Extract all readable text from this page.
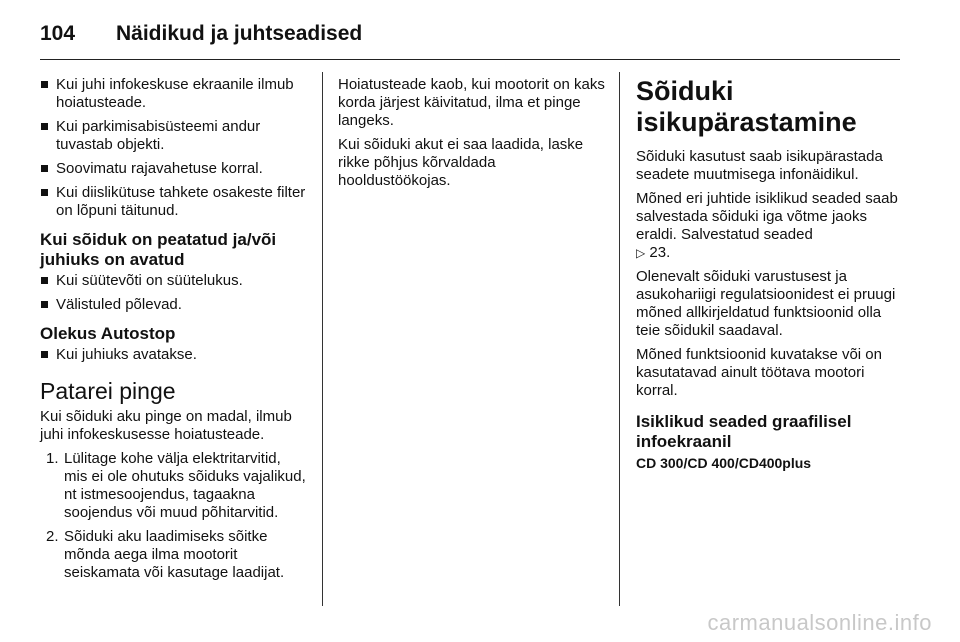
104	Näidikud ja juhtseadised
Kui juhi infokeskuse ekraanile ilmub hoiatusteade.
Kui parkimisabisüsteemi andur tuvastab objekti.
Soovimatu rajavahetuse korral.
Kui diislikütuse tahkete osakeste filter on lõpuni täitunud.
Kui sõiduk on peatatud ja/või juhiuks on avatud
Kui süütevõti on süütelukus.
Välistuled põlevad.
Olekus Autostop
Kui juhiuks avatakse.
Patarei pinge

Kui sõiduki aku pinge on madal, ilmub juhi infokeskusesse hoiatusteade.

1. Lülitage kohe välja elektritarvitid, mis ei ole ohutuks sõiduks vajalikud, nt istmesoojendus, tagaakna soojendus või muud põhitarvitid.
2. Sõiduki aku laadimiseks sõitke mõnda aega ilma mootorit seiskamata või kasutage laadijat.

Hoiatusteade kaob, kui mootorit on kaks korda järjest käivitatud, ilma et pinge langeks.

Kui sõiduki akut ei saa laadida, laske rikke põhjus kõrvaldada hooldustöökojas.

Sõiduki isikupärastamine

Sõiduki kasutust saab isikupärastada seadete muutmisega infonäidikul.

Mõned eri juhtide isiklikud seaded saab salvestada sõiduki iga võtme jaoks eraldi. Salvestatud seaded
▷ 23.

Olenevalt sõiduki varustusest ja asukohariigi regulatsioonidest ei pruugi mõned allkirjeldatud funktsioonid olla teie sõidukil saadaval.

Mõned funktsioonid kuvatakse või on kasutatavad ainult töötava mootori korral.

Isiklikud seaded graafilisel infoekraanil
CD 300/CD 400/CD400plus
carmanualsonline.info
